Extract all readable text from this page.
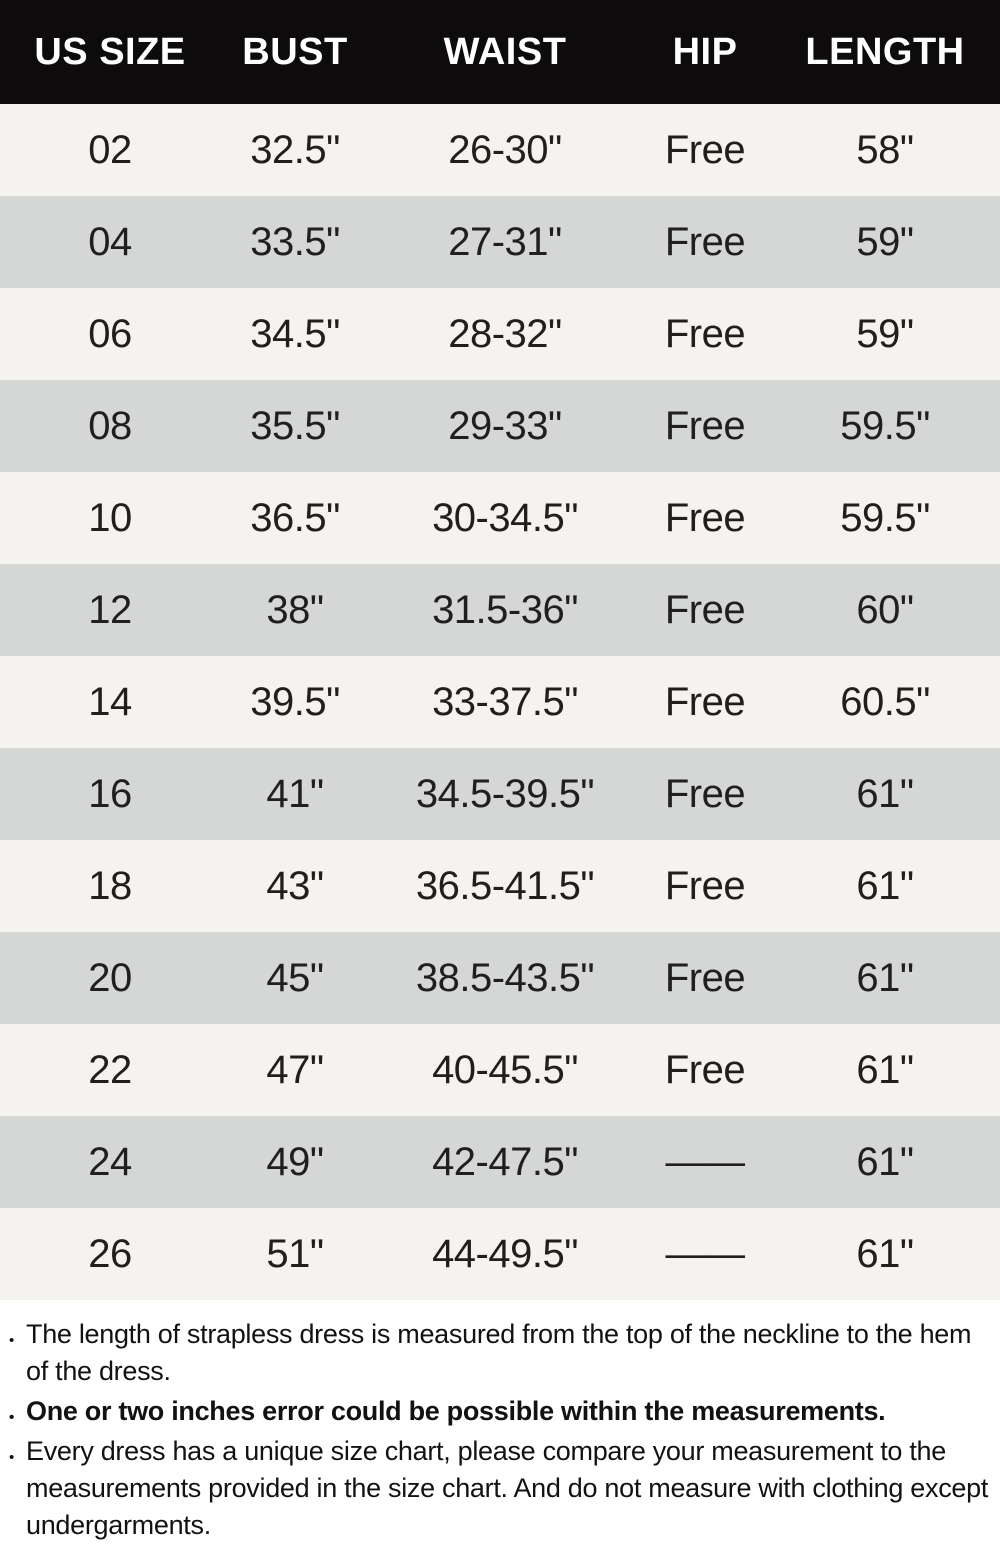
US SIZE	BUST	WAIST	HIP	LENGTH
02	32.5"	26-30"	Free	58"
04	33.5"	27-31"	Free	59"
06	34.5"	28-32"	Free	59"
08	35.5"	29-33"	Free	59.5"
10	36.5"	30-34.5"	Free	59.5"
12	38"	31.5-36"	Free	60"
14	39.5"	33-37.5"	Free	60.5"
16	41"	34.5-39.5"	Free	61"
18	43"	36.5-41.5"	Free	61"
20	45"	38.5-43.5"	Free	61"
22	47"	40-45.5"	Free	61"
24	49"	42-47.5"	——	61"
26	51"	44-49.5"	——	61"
• The length of strapless dress is measured from the top of the neckline to the hem of the dress.
• One or two inches error could be possible within the measurements.
• Every dress has a unique size chart, please compare your measurement to the measurements provided in the size chart. And do not measure with clothing except undergarments.
